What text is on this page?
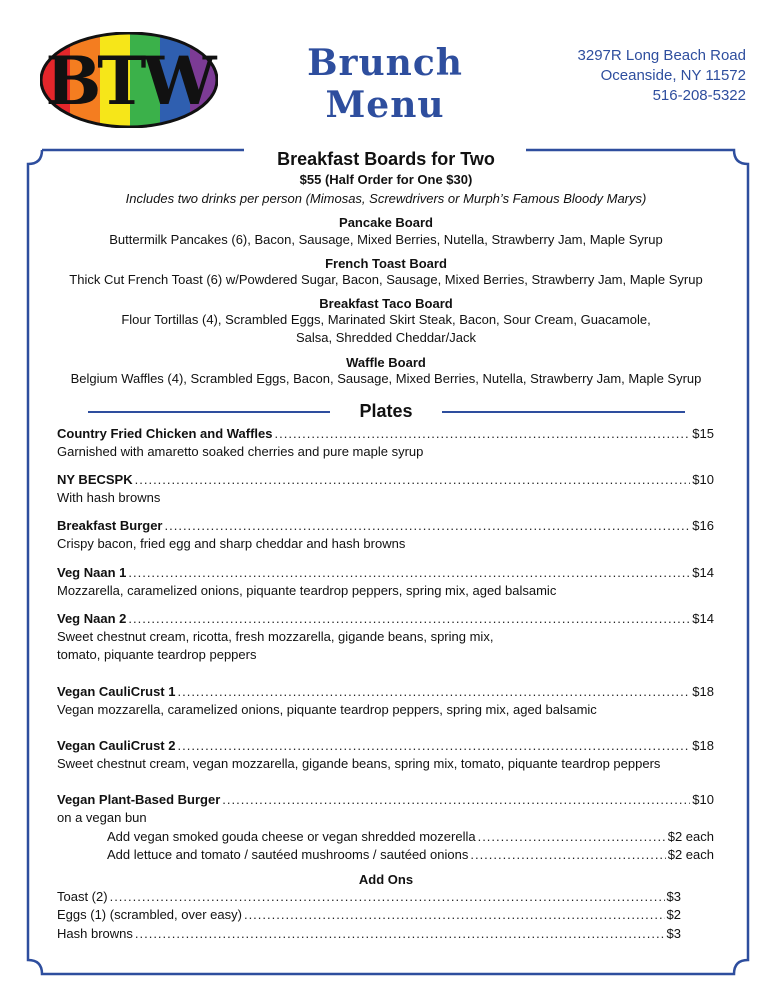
BTW	Brunch
Menu
3297R Long Beach Road
Oceanside, NY 11572
516-208-5322
Breakfast Boards for Two
$55 (Half Order for One $30)
Includes two drinks per person (Mimosas, Screwdrivers or Murph’s Famous Bloody Marys)
Pancake Board
Buttermilk Pancakes (6), Bacon, Sausage, Mixed Berries, Nutella, Strawberry Jam, Maple Syrup
French Toast Board
Thick Cut French Toast (6) w/Powdered Sugar, Bacon, Sausage, Mixed Berries, Strawberry Jam, Maple Syrup
Breakfast Taco Board
Flour Tortillas (4), Scrambled Eggs, Marinated Skirt Steak, Bacon, Sour Cream, Guacamole,
Salsa, Shredded Cheddar/Jack
Waffle Board
Belgium Waffles (4), Scrambled Eggs, Bacon, Sausage, Mixed Berries, Nutella, Strawberry Jam, Maple Syrup
Plates
Country Fried Chicken and Waffles .....	$15
Garnished with amaretto soaked cherries and pure maple syrup
NY BECSPK .....	$10
With hash browns
Breakfast Burger .....	$16
Crispy bacon, fried egg and sharp cheddar and hash browns
Veg Naan 1 .....	$14
Mozzarella, caramelized onions, piquante teardrop peppers, spring mix, aged balsamic
Veg Naan 2 .....	$14
Sweet chestnut cream, ricotta, fresh mozzarella, gigande beans, spring mix,
tomato, piquante teardrop peppers
Vegan CauliCrust 1 .....	$18
Vegan mozzarella, caramelized onions, piquante teardrop peppers, spring mix, aged balsamic
Vegan CauliCrust 2 .....	$18
Sweet chestnut cream, vegan mozzarella, gigande beans, spring mix, tomato, piquante teardrop peppers
Vegan Plant-Based Burger .....	$10
on a vegan bun
Add vegan smoked gouda cheese or vegan shredded mozerella .....	$2 each
Add lettuce and tomato / sautéed mushrooms / sautéed onions .....	$2 each
Add Ons
Toast (2) .....	$3
Eggs (1) (scrambled, over easy) .....	$2
Hash browns .....	$3
